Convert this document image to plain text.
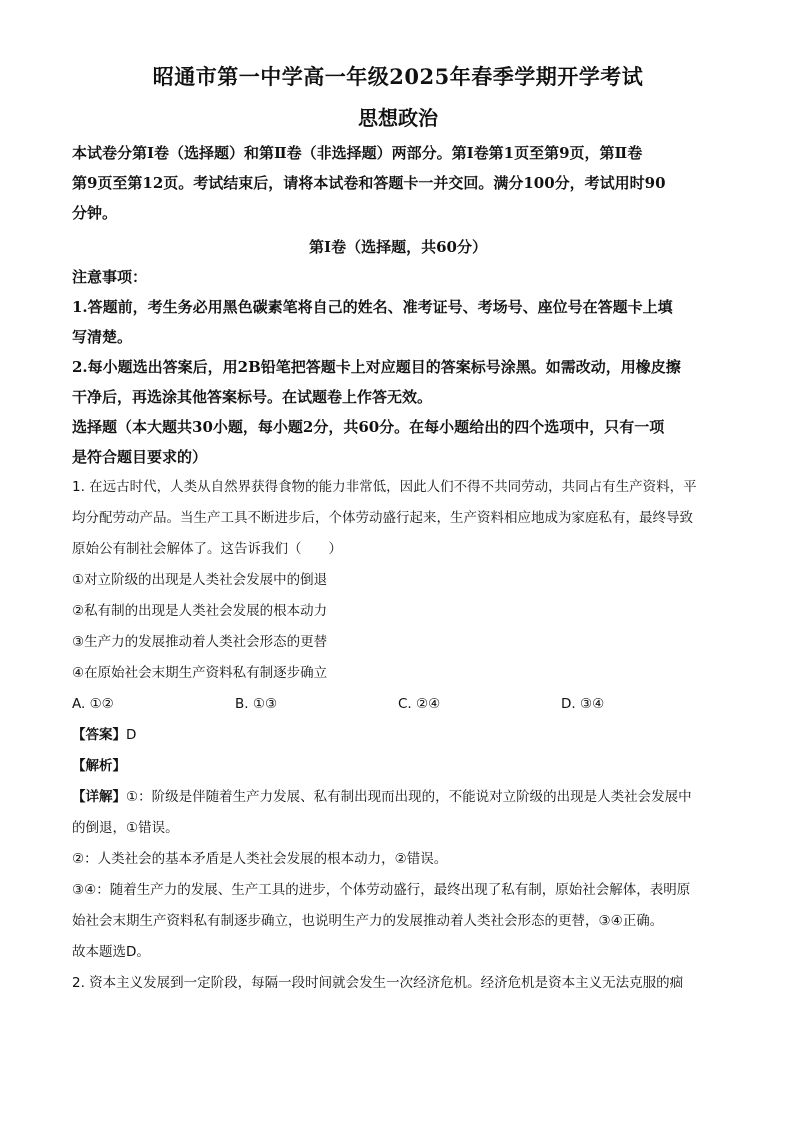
昭通市第一中学高一年级2025年春季学期开学考试
思想政治

本试卷分第Ⅰ卷（选择题）和第Ⅱ卷（非选择题）两部分。第Ⅰ卷第1页至第9页，第Ⅱ卷

第9页至第12页。考试结束后，请将本试卷和答题卡一并交回。满分100分，考试用时90

分钟。

第Ⅰ卷（选择题，共60分）

注意事项：

1.答题前，考生务必用黑色碳素笔将自己的姓名、准考证号、考场号、座位号在答题卡上填

写清楚。

2.每小题选出答案后，用2B铅笔把答题卡上对应题目的答案标号涂黑。如需改动，用橡皮擦

干净后，再选涂其他答案标号。在试题卷上作答无效。

选择题（本大题共30小题，每小题2分，共60分。在每小题给出的四个选项中，只有一项

是符合题目要求的）

1. 在远古时代，人类从自然界获得食物的能力非常低，因此人们不得不共同劳动，共同占有生产资料，平

均分配劳动产品。当生产工具不断进步后，个体劳动盛行起来，生产资料相应地成为家庭私有，最终导致

原始公有制社会解体了。这告诉我们（　　）

①对立阶级的出现是人类社会发展中的倒退

②私有制的出现是人类社会发展的根本动力

③生产力的发展推动着人类社会形态的更替

④在原始社会末期生产资料私有制逐步确立

A. ①②	B. ①③	C. ②④	D. ③④

【答案】D

【解析】

【详解】①：阶级是伴随着生产力发展、私有制出现而出现的，不能说对立阶级的出现是人类社会发展中

的倒退，①错误。

②：人类社会的基本矛盾是人类社会发展的根本动力，②错误。

③④：随着生产力的发展、生产工具的进步，个体劳动盛行，最终出现了私有制，原始社会解体，表明原

始社会末期生产资料私有制逐步确立，也说明生产力的发展推动着人类社会形态的更替，③④正确。

故本题选D。

2. 资本主义发展到一定阶段，每隔一段时间就会发生一次经济危机。经济危机是资本主义无法克服的痼
